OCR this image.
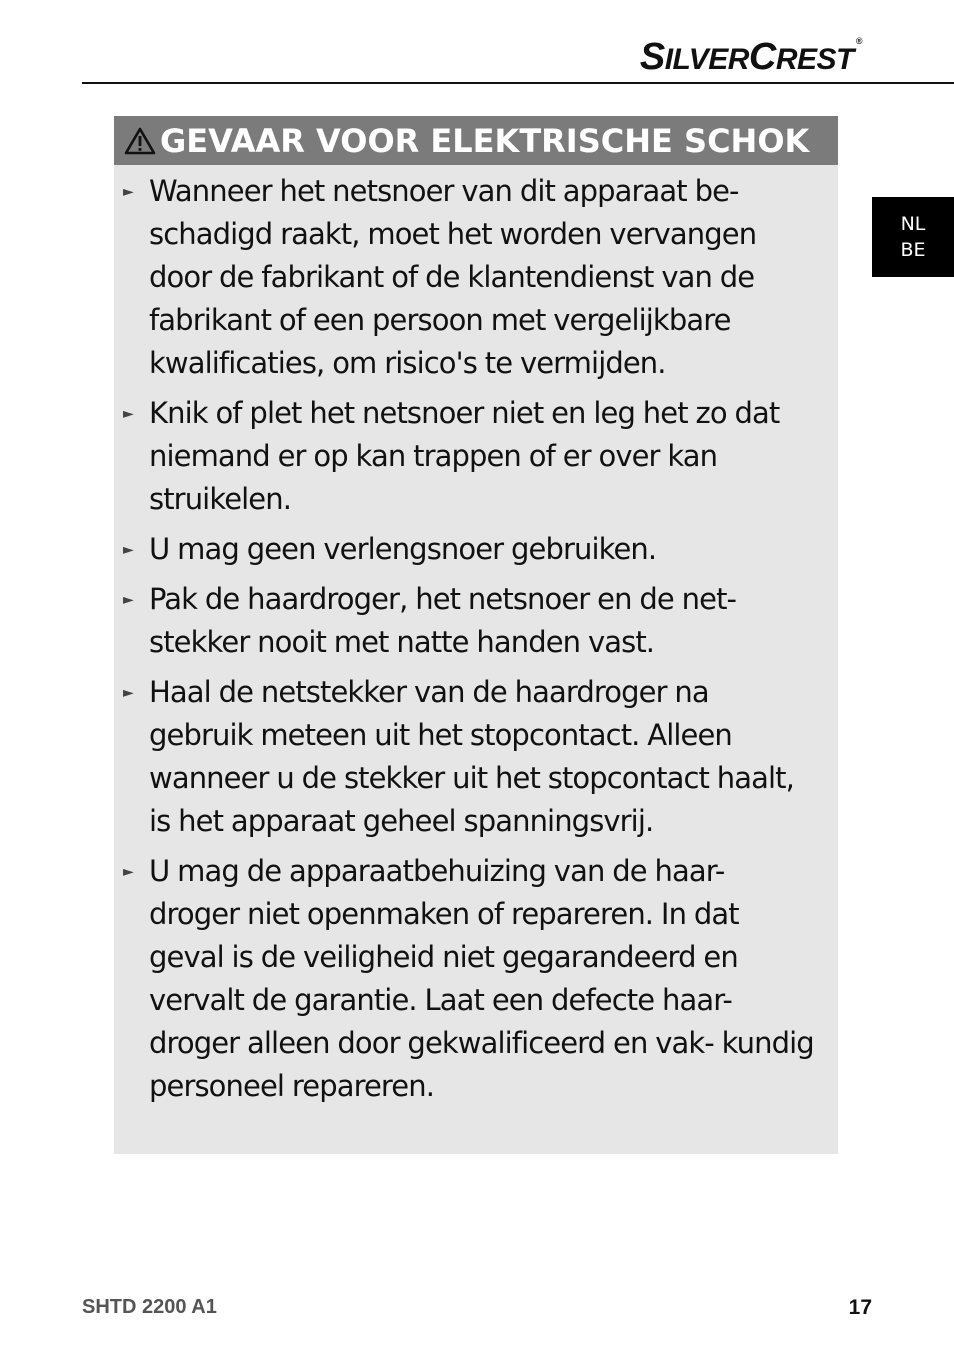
SILVERCREST®
NL
BE
GEVAAR VOOR ELEKTRISCHE SCHOK
► Wanneer het netsnoer van dit apparaat be- schadigd raakt, moet het worden vervangen door de fabrikant of de klantendienst van de fabrikant of een persoon met vergelijkbare kwalificaties, om risico's te vermijden.
► Knik of plet het netsnoer niet en leg het zo dat niemand er op kan trappen of er over kan struikelen.
► U mag geen verlengsnoer gebruiken.
► Pak de haardroger, het netsnoer en de net- stekker nooit met natte handen vast.
► Haal de netstekker van de haardroger na gebruik meteen uit het stopcontact. Alleen wanneer u de stekker uit het stopcontact haalt, is het apparaat geheel spanningsvrij.
► U mag de apparaatbehuizing van de haar- droger niet openmaken of repareren. In dat geval is de veiligheid niet gegarandeerd en vervalt de garantie. Laat een defecte haar- droger alleen door gekwalificeerd en vak- kundig personeel repareren.
SHTD 2200 A1	17
